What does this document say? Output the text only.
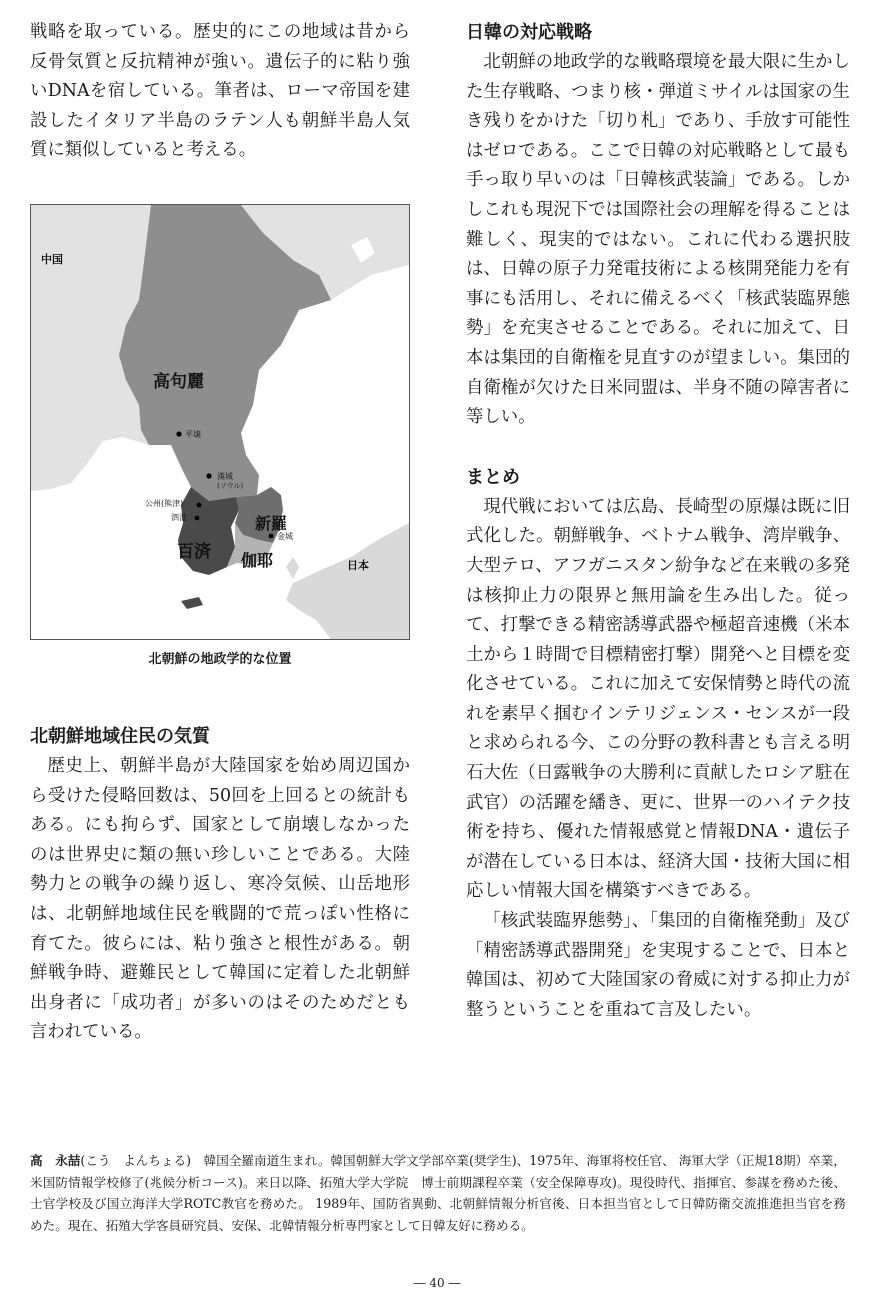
戦略を取っている。歴史的にこの地域は昔から反骨気質と反抗精神が強い。遺伝子的に粘り強いDNAを宿している。筆者は、ローマ帝国を建設したイタリア半島のラテン人も朝鮮半島人気質に類似していると考える。

中国
高句麗
新羅
百済 伽耶	日本
平壌
漢城
(ソウル)
公州(熊津)
泗沘
金城
北朝鮮の地政学的な位置
北朝鮮地域住民の気質

歴史上、朝鮮半島が大陸国家を始め周辺国から受けた侵略回数は、50回を上回るとの統計もある。にも拘らず、国家として崩壊しなかったのは世界史に類の無い珍しいことである。大陸勢力との戦争の繰り返し、寒冷気候、山岳地形は、北朝鮮地域住民を戦闘的で荒っぽい性格に育てた。彼らには、粘り強さと根性がある。朝鮮戦争時、避難民として韓国に定着した北朝鮮出身者に「成功者」が多いのはそのためだとも言われている。

日韓の対応戦略

北朝鮮の地政学的な戦略環境を最大限に生かした生存戦略、つまり核・弾道ミサイルは国家の生き残りをかけた「切り札」であり、手放す可能性はゼロである。ここで日韓の対応戦略として最も手っ取り早いのは「日韓核武装論」である。しかしこれも現況下では国際社会の理解を得ることは難しく、現実的ではない。これに代わる選択肢は、日韓の原子力発電技術による核開発能力を有事にも活用し、それに備えるべく「核武装臨界態勢」を充実させることである。それに加えて、日本は集団的自衛権を見直すのが望ましい。集団的自衛権が欠けた日米同盟は、半身不随の障害者に等しい。

まとめ

現代戦においては広島、長崎型の原爆は既に旧式化した。朝鮮戦争、ベトナム戦争、湾岸戦争、大型テロ、アフガニスタン紛争など在来戦の多発は核抑止力の限界と無用論を生み出した。従って、打撃できる精密誘導武器や極超音速機（米本土から１時間で目標精密打撃）開発へと目標を変化させている。これに加えて安保情勢と時代の流れを素早く掴むインテリジェンス・センスが一段と求められる今、この分野の教科書とも言える明石大佐（日露戦争の大勝利に貢献したロシア駐在武官）の活躍を繙き、更に、世界一のハイテク技術を持ち、優れた情報感覚と情報DNA・遺伝子が潜在している日本は、経済大国・技術大国に相応しい情報大国を構築すべきである。

「核武装臨界態勢」、「集団的自衛権発動」及び「精密誘導武器開発」を実現することで、日本と韓国は、初めて大陸国家の脅威に対する抑止力が整うということを重ねて言及したい。

高　永喆(こう　よんちょる)　韓国全羅南道生まれ。韓国朝鮮大学文学部卒業(奨学生)、1975年、海軍将校任官、 海軍大学（正規18期）卒業，米国防情報学校修了(兆候分析コース)。来日以降、拓殖大学大学院　博士前期課程卒業（安全保障専攻)。現役時代、指揮官、参謀を務めた後、士官学校及び国立海洋大学ROTC教官を務めた。 1989年、国防省異動、北朝鮮情報分析官後、日本担当官として日韓防衛交流推進担当官を務めた。現在、拓殖大学客員研究員、安保、北韓情報分析専門家として日韓友好に務める。
― 40 ―
